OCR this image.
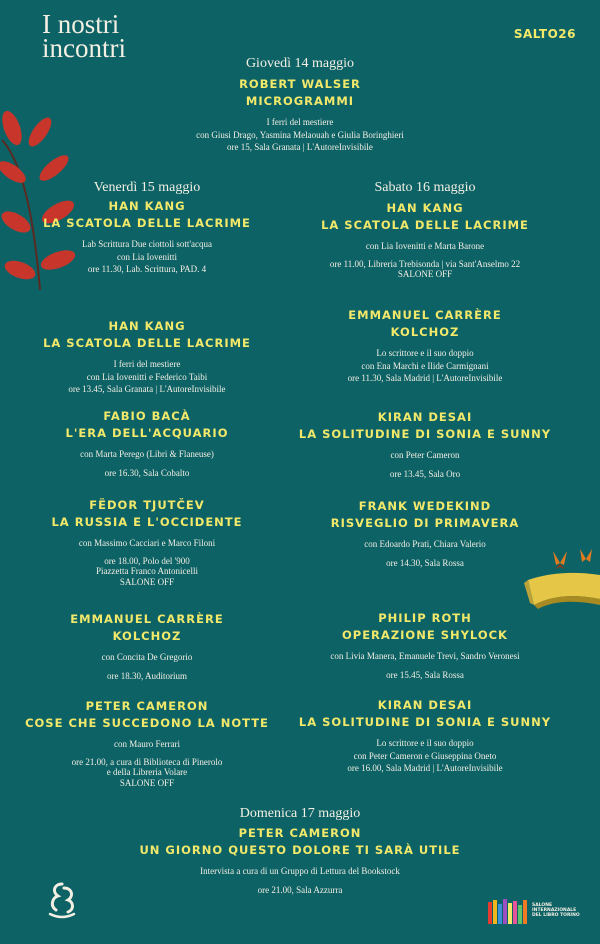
I nostri
incontri	SALTO26
Giovedì 14 maggio
ROBERT WALSER
MICROGRAMMI
I ferri del mestiere
con Giusi Drago, Yasmina Melaouah e Giulia Boringhieri
ore 15, Sala Granata | L'AutoreInvisibile
Venerdì 15 maggio	Sabato 16 maggio
HAN KANG
LA SCATOLA DELLE LACRIME
Lab Scrittura Due ciottoli sott'acqua
con Lia Iovenitti
ore 11.30, Lab. Scrittura, PAD. 4
HAN KANG
LA SCATOLA DELLE LACRIME
I ferri del mestiere
con Lia Iovenitti e Federico Taibi
ore 13.45, Sala Granata | L'AutoreInvisibile
FABIO BACÀ
L'ERA DELL'ACQUARIO
con Marta Perego (Libri & Flaneuse)
ore 16.30, Sala Cobalto
FËDOR TJUTČEV
LA RUSSIA E L'OCCIDENTE
con Massimo Cacciari e Marco Filoni
ore 18.00, Polo del '900
Piazzetta Franco Antonicelli
SALONE OFF
EMMANUEL CARRÈRE
KOLCHOZ
con Concita De Gregorio
ore 18.30, Auditorium
PETER CAMERON
COSE CHE SUCCEDONO LA NOTTE
con Mauro Ferrari
ore 21.00, a cura di Biblioteca di Pinerolo
e della Libreria Volare
SALONE OFF
HAN KANG
LA SCATOLA DELLE LACRIME
con Lia Iovenitti e Marta Barone
ore 11.00, Libreria Trebisonda | via Sant'Anselmo 22
SALONE OFF
EMMANUEL CARRÈRE
KOLCHOZ
Lo scrittore e il suo doppio
con Ena Marchi e Ilide Carmignani
ore 11.30, Sala Madrid | L'AutoreInvisibile
KIRAN DESAI
LA SOLITUDINE DI SONIA E SUNNY
con Peter Cameron
ore 13.45, Sala Oro
FRANK WEDEKIND
RISVEGLIO DI PRIMAVERA
con Edoardo Prati, Chiara Valerio
ore 14.30, Sala Rossa
PHILIP ROTH
OPERAZIONE SHYLOCK
con Livia Manera, Emanuele Trevi, Sandro Veronesi
ore 15.45, Sala Rossa
KIRAN DESAI
LA SOLITUDINE DI SONIA E SUNNY
Lo scrittore e il suo doppio
con Peter Cameron e Giuseppina Oneto
ore 16.00, Sala Madrid | L'AutoreInvisibile
Domenica 17 maggio
PETER CAMERON
UN GIORNO QUESTO DOLORE TI SARÀ UTILE
Intervista a cura di un Gruppo di Lettura del Bookstock
ore 21.00, Sala Azzurra
SALONE INTERNAZIONALE DEL LIBRO TORINO
